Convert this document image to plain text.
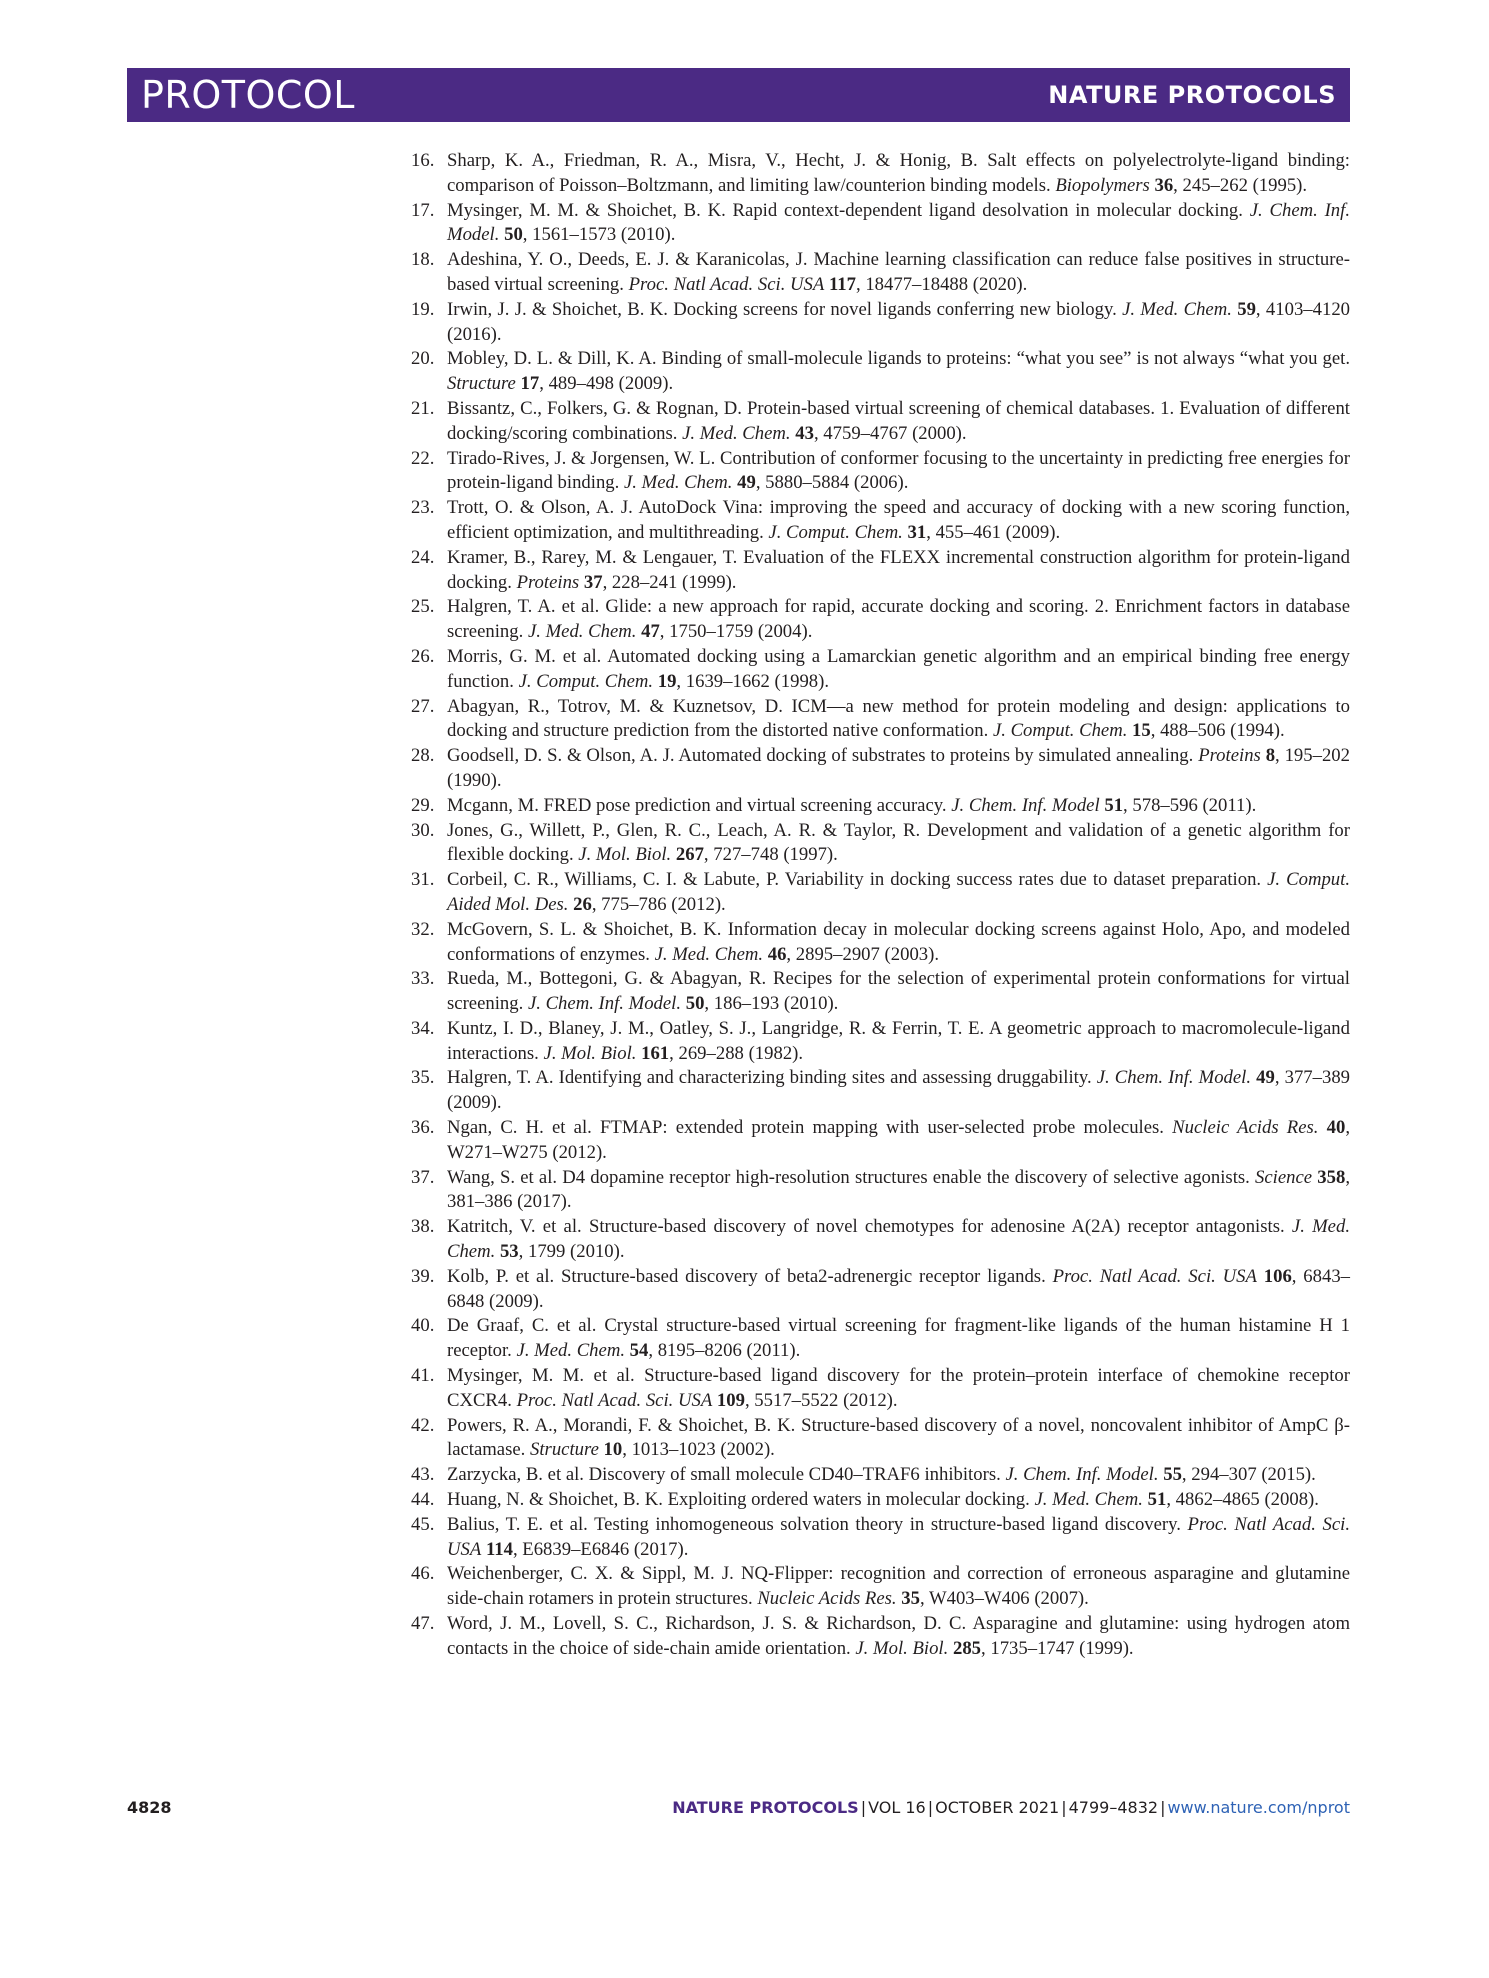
PROTOCOL	NATURE PROTOCOLS
16. Sharp, K. A., Friedman, R. A., Misra, V., Hecht, J. & Honig, B. Salt effects on polyelectrolyte-ligand binding: comparison of Poisson–Boltzmann, and limiting law/counterion binding models. Biopolymers 36, 245–262 (1995).
17. Mysinger, M. M. & Shoichet, B. K. Rapid context-dependent ligand desolvation in molecular docking. J. Chem. Inf. Model. 50, 1561–1573 (2010).
18. Adeshina, Y. O., Deeds, E. J. & Karanicolas, J. Machine learning classification can reduce false positives in structure-based virtual screening. Proc. Natl Acad. Sci. USA 117, 18477–18488 (2020).
19. Irwin, J. J. & Shoichet, B. K. Docking screens for novel ligands conferring new biology. J. Med. Chem. 59, 4103–4120 (2016).
20. Mobley, D. L. & Dill, K. A. Binding of small-molecule ligands to proteins: “what you see” is not always “what you get. Structure 17, 489–498 (2009).
21. Bissantz, C., Folkers, G. & Rognan, D. Protein-based virtual screening of chemical databases. 1. Evaluation of different docking/scoring combinations. J. Med. Chem. 43, 4759–4767 (2000).
22. Tirado-Rives, J. & Jorgensen, W. L. Contribution of conformer focusing to the uncertainty in predicting free energies for protein-ligand binding. J. Med. Chem. 49, 5880–5884 (2006).
23. Trott, O. & Olson, A. J. AutoDock Vina: improving the speed and accuracy of docking with a new scoring function, efficient optimization, and multithreading. J. Comput. Chem. 31, 455–461 (2009).
24. Kramer, B., Rarey, M. & Lengauer, T. Evaluation of the FLEXX incremental construction algorithm for protein-ligand docking. Proteins 37, 228–241 (1999).
25. Halgren, T. A. et al. Glide: a new approach for rapid, accurate docking and scoring. 2. Enrichment factors in database screening. J. Med. Chem. 47, 1750–1759 (2004).
26. Morris, G. M. et al. Automated docking using a Lamarckian genetic algorithm and an empirical binding free energy function. J. Comput. Chem. 19, 1639–1662 (1998).
27. Abagyan, R., Totrov, M. & Kuznetsov, D. ICM—a new method for protein modeling and design: applications to docking and structure prediction from the distorted native conformation. J. Comput. Chem. 15, 488–506 (1994).
28. Goodsell, D. S. & Olson, A. J. Automated docking of substrates to proteins by simulated annealing. Proteins 8, 195–202 (1990).
29. Mcgann, M. FRED pose prediction and virtual screening accuracy. J. Chem. Inf. Model 51, 578–596 (2011).
30. Jones, G., Willett, P., Glen, R. C., Leach, A. R. & Taylor, R. Development and validation of a genetic algorithm for flexible docking. J. Mol. Biol. 267, 727–748 (1997).
31. Corbeil, C. R., Williams, C. I. & Labute, P. Variability in docking success rates due to dataset preparation. J. Comput. Aided Mol. Des. 26, 775–786 (2012).
32. McGovern, S. L. & Shoichet, B. K. Information decay in molecular docking screens against Holo, Apo, and modeled conformations of enzymes. J. Med. Chem. 46, 2895–2907 (2003).
33. Rueda, M., Bottegoni, G. & Abagyan, R. Recipes for the selection of experimental protein conformations for virtual screening. J. Chem. Inf. Model. 50, 186–193 (2010).
34. Kuntz, I. D., Blaney, J. M., Oatley, S. J., Langridge, R. & Ferrin, T. E. A geometric approach to macromolecule-ligand interactions. J. Mol. Biol. 161, 269–288 (1982).
35. Halgren, T. A. Identifying and characterizing binding sites and assessing druggability. J. Chem. Inf. Model. 49, 377–389 (2009).
36. Ngan, C. H. et al. FTMAP: extended protein mapping with user-selected probe molecules. Nucleic Acids Res. 40, W271–W275 (2012).
37. Wang, S. et al. D4 dopamine receptor high-resolution structures enable the discovery of selective agonists. Science 358, 381–386 (2017).
38. Katritch, V. et al. Structure-based discovery of novel chemotypes for adenosine A(2A) receptor antagonists. J. Med. Chem. 53, 1799 (2010).
39. Kolb, P. et al. Structure-based discovery of beta2-adrenergic receptor ligands. Proc. Natl Acad. Sci. USA 106, 6843–6848 (2009).
40. De Graaf, C. et al. Crystal structure-based virtual screening for fragment-like ligands of the human histamine H 1 receptor. J. Med. Chem. 54, 8195–8206 (2011).
41. Mysinger, M. M. et al. Structure-based ligand discovery for the protein–protein interface of chemokine receptor CXCR4. Proc. Natl Acad. Sci. USA 109, 5517–5522 (2012).
42. Powers, R. A., Morandi, F. & Shoichet, B. K. Structure-based discovery of a novel, noncovalent inhibitor of AmpC β-lactamase. Structure 10, 1013–1023 (2002).
43. Zarzycka, B. et al. Discovery of small molecule CD40–TRAF6 inhibitors. J. Chem. Inf. Model. 55, 294–307 (2015).
44. Huang, N. & Shoichet, B. K. Exploiting ordered waters in molecular docking. J. Med. Chem. 51, 4862–4865 (2008).
45. Balius, T. E. et al. Testing inhomogeneous solvation theory in structure-based ligand discovery. Proc. Natl Acad. Sci. USA 114, E6839–E6846 (2017).
46. Weichenberger, C. X. & Sippl, M. J. NQ-Flipper: recognition and correction of erroneous asparagine and glutamine side-chain rotamers in protein structures. Nucleic Acids Res. 35, W403–W406 (2007).
47. Word, J. M., Lovell, S. C., Richardson, J. S. & Richardson, D. C. Asparagine and glutamine: using hydrogen atom contacts in the choice of side-chain amide orientation. J. Mol. Biol. 285, 1735–1747 (1999).
4828	NATURE PROTOCOLS | VOL 16 | OCTOBER 2021 | 4799–4832 | www.nature.com/nprot
